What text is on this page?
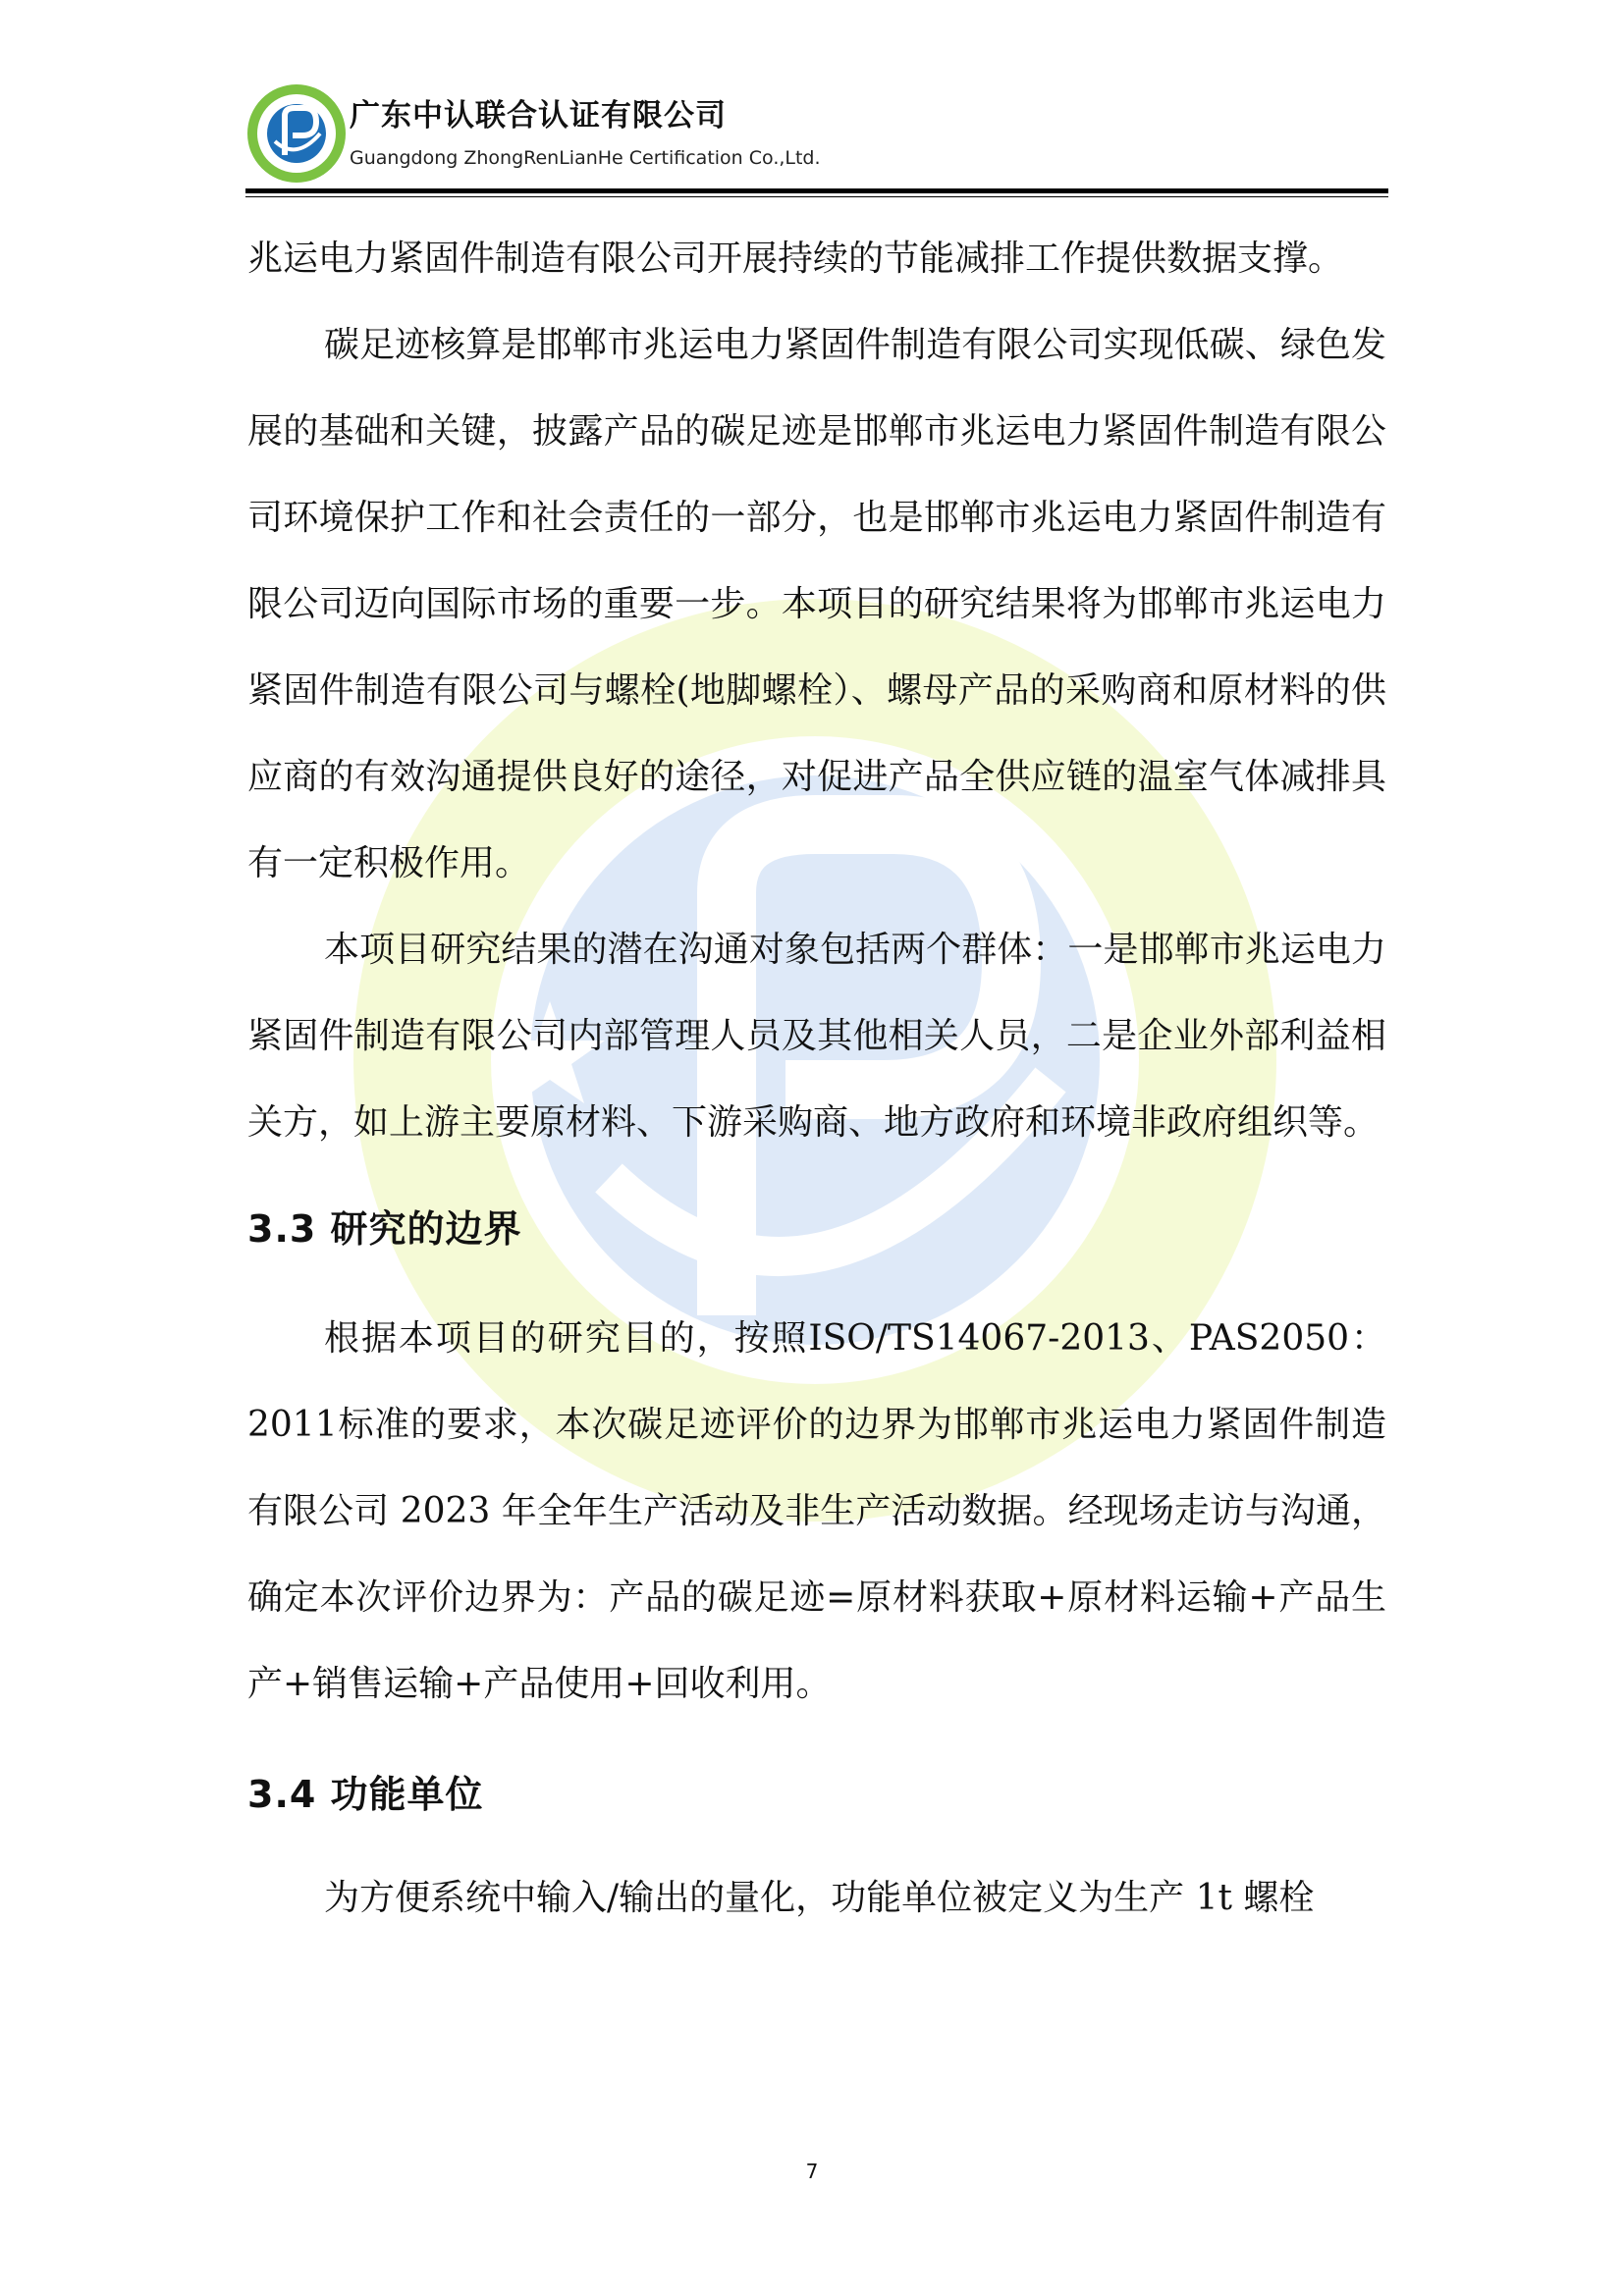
ZHONG REN LIAN HE REN ZHENG 广东中认联合认证有限公司
Guangdong ZhongRenLianHe Certification Co.,Ltd.

兆运电力紧固件制造有限公司开展持续的节能减排工作提供数据支撑。

碳足迹核算是邯郸市兆运电力紧固件制造有限公司实现低碳、绿色发展的基础和关键，披露产品的碳足迹是邯郸市兆运电力紧固件制造有限公司环境保护工作和社会责任的一部分，也是邯郸市兆运电力紧固件制造有限公司迈向国际市场的重要一步。本项目的研究结果将为邯郸市兆运电力紧固件制造有限公司与螺栓(地脚螺栓）、螺母产品的采购商和原材料的供应商的有效沟通提供良好的途径，对促进产品全供应链的温室气体减排具有一定积极作用。

本项目研究结果的潜在沟通对象包括两个群体：一是邯郸市兆运电力紧固件制造有限公司内部管理人员及其他相关人员，二是企业外部利益相关方，如上游主要原材料、下游采购商、地方政府和环境非政府组织等。

3.3 研究的边界

根据本项目的研究目的，按照ISO/TS14067-2013、PAS2050：2011标准的要求，本次碳足迹评价的边界为邯郸市兆运电力紧固件制造有限公司 2023 年全年生产活动及非生产活动数据。经现场走访与沟通，确定本次评价边界为：产品的碳足迹=原材料获取+原材料运输+产品生产+销售运输+产品使用+回收利用。

3.4 功能单位

为方便系统中输入/输出的量化，功能单位被定义为生产 1t 螺栓

7
